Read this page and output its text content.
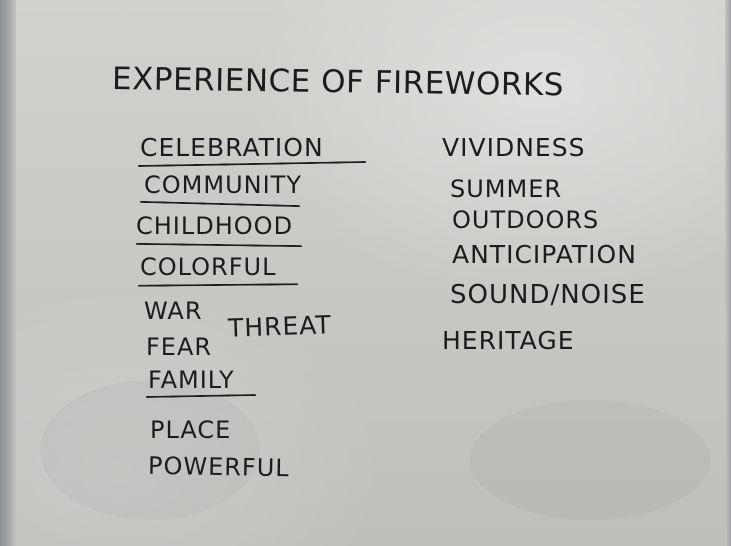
EXPERIENCE OF FIREWORKS
CELEBRATION
COMMUNITY
CHILDHOOD
COLORFUL
WAR THREAT
FEAR
FAMILY
PLACE
POWERFUL
VIVIDNESS
SUMMER
OUTDOORS
ANTICIPATION
SOUND/NOISE
HERITAGE
